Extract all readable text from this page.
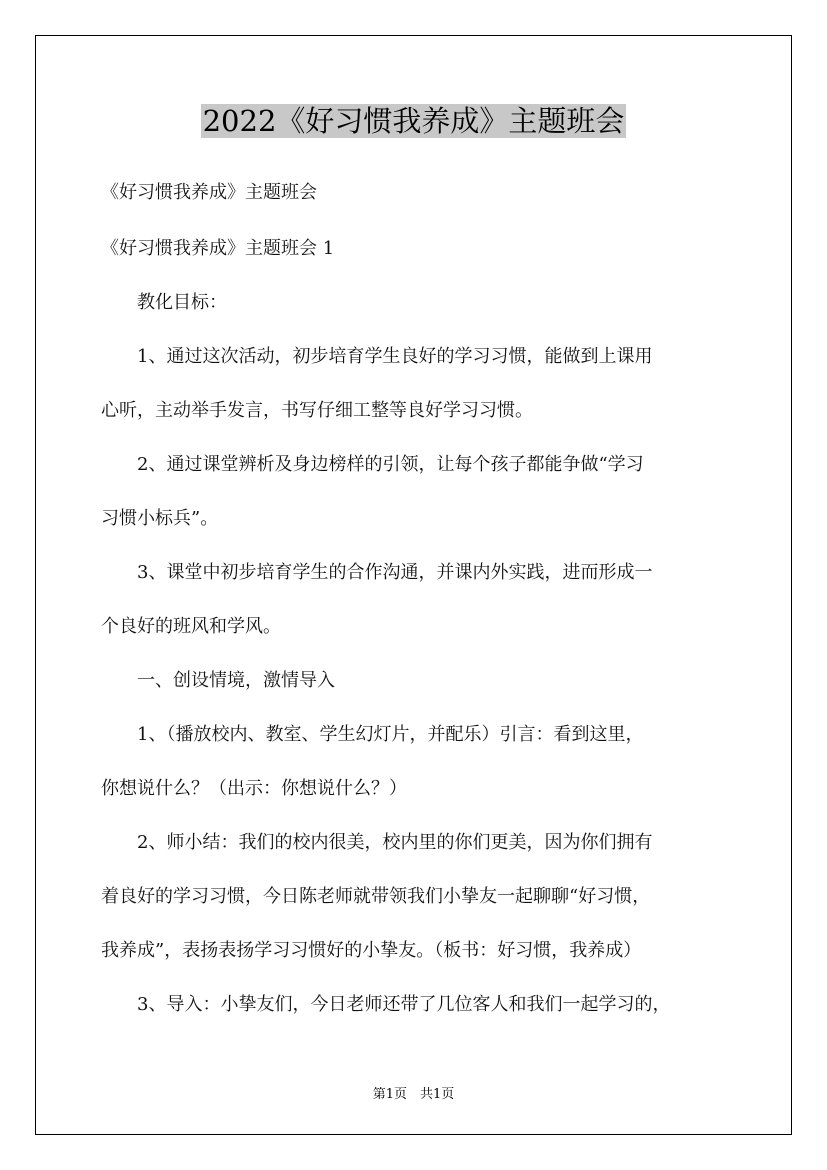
2022《好习惯我养成》主题班会
《好习惯我养成》主题班会
《好习惯我养成》主题班会 1
　　教化目标：
　　1、通过这次活动，初步培育学生良好的学习习惯，能做到上课用
心听，主动举手发言，书写仔细工整等良好学习习惯。
　　2、通过课堂辨析及身边榜样的引领，让每个孩子都能争做“学习
习惯小标兵”。
　　3、课堂中初步培育学生的合作沟通，并课内外实践，进而形成一
个良好的班风和学风。
　　一、创设情境，激情导入
　　1、（播放校内、教室、学生幻灯片，并配乐）引言：看到这里，
你想说什么？（出示：你想说什么？）
　　2、师小结：我们的校内很美，校内里的你们更美，因为你们拥有
着良好的学习习惯，今日陈老师就带领我们小挚友一起聊聊“好习惯，
我养成”，表扬表扬学习习惯好的小挚友。（板书：好习惯，我养成）
　　3、导入：小挚友们，今日老师还带了几位客人和我们一起学习的，
第1页　共1页
